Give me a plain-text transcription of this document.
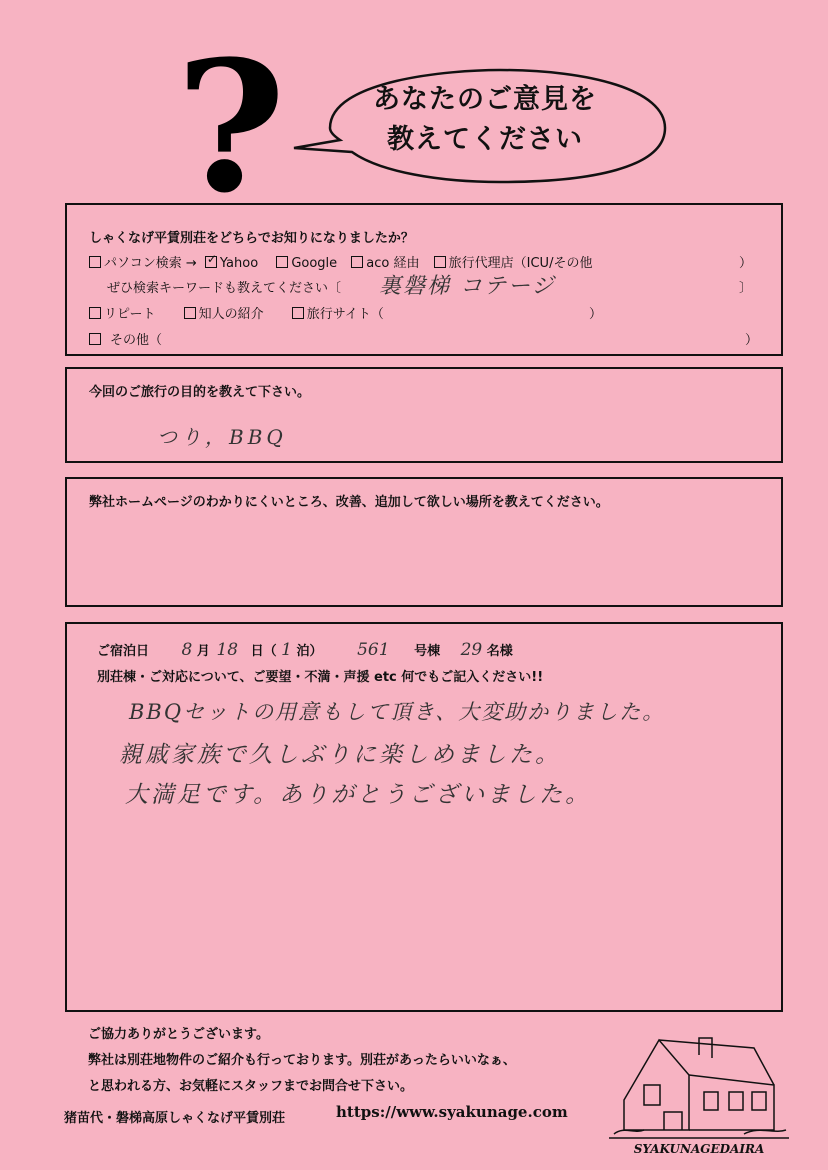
?	あなたのご意見を
教えてください
しゃくなげ平賃別荘をどちらでお知りになりましたか？
パソコン検索 → ✓ Yahoo	Google aco 経由 旅行代理店（ICU/その他	）
ぜひ検索キーワードも教えてください〔 裏磐梯 コテージ	〕
リピート	知人の紹介	旅行サイト（	）
その他（	）
今回のご旅行の目的を教えて下さい。
つり，BBQ
弊社ホームページのわかりにくいところ、改善、追加して欲しい場所を教えてください。
ご宿泊日 8 月 18 日（ 1 泊） 561 号棟 29 名様
別荘棟・ご対応について、ご要望・不満・声援 etc 何でもご記入ください!!
BBQセットの用意もして頂き、大変助かりました。
親戚家族で久しぶりに楽しめました。
大満足です。ありがとうございました。
ご協力ありがとうございます。
弊社は別荘地物件のご紹介も行っております。別荘があったらいいなぁ、
と思われる方、お気軽にスタッフまでお問合せ下さい。
猪苗代・磐梯高原しゃくなげ平賃別荘	https://www.syakunage.com
SYAKUNAGEDAIRA
